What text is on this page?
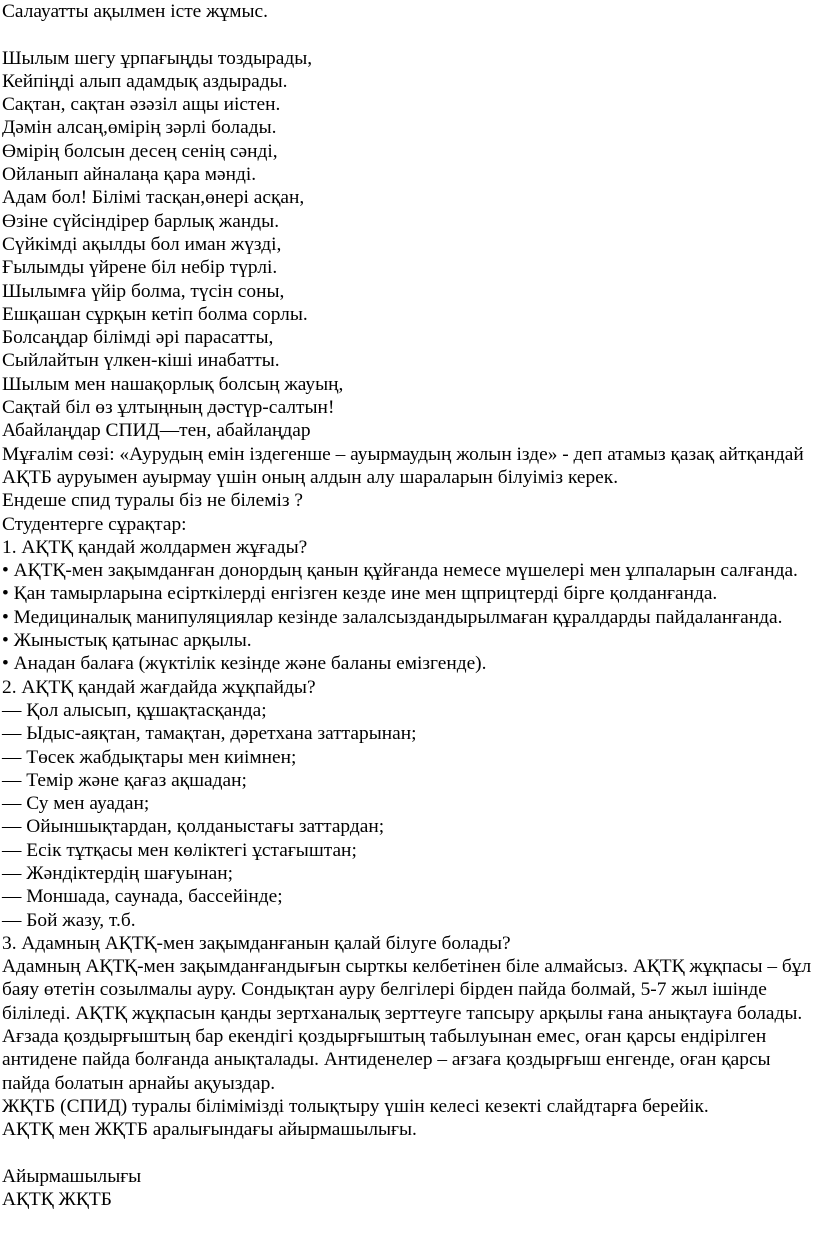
Салауатты ақылмен істе жұмыс.

Шылым шегу ұрпағыңды тоздырады,

Кейпіңді алып адамдық аздырады.

Сақтан, сақтан әзәзіл ащы иістен.

Дәмін алсаң,өмірің зәрлі болады.

Өмірің болсын десең сенің сәнді,

Ойланып айналаңа қара мәнді.

Адам бол! Білімі тасқан,өнері асқан,

Өзіне сүйсіндірер барлық жанды.

Сүйкімді ақылды бол иман жүзді,

Ғылымды үйрене біл небір түрлі.

Шылымға үйір болма, түсін соны,

Ешқашан сұрқын кетіп болма сорлы.

Болсаңдар білімді әрі парасатты,

Сыйлайтын үлкен-кіші инабатты.

Шылым мен нашақорлық болсың жауың,

Сақтай біл өз ұлтыңның дәстүр-салтын!

Абайлаңдар СПИД—тен, абайлаңдар

Мұғалім сөзі: «Аурудың емін іздегенше – ауырмаудың жолын ізде» - деп атамыз қазақ айтқандай АҚТБ ауруымен ауырмау үшін оның алдын алу шараларын білуіміз керек.

Ендеше спид туралы біз не білеміз ?

Студентерге сұрақтар:

1. АҚТҚ қандай жолдармен жұғады?

• АҚТҚ-мен зақымданған донордың қанын құйғанда немесе мүшелері мен ұлпаларын салғанда.

• Қан тамырларына есірткілерді енгізген кезде ине мен щприцтерді бірге қолданғанда.

• Медициналық манипуляциялар кезінде залалсыздандырылмаған құралдарды пайдаланғанда.

• Жыныстық қатынас арқылы.

• Анадан балаға (жүктілік кезінде және баланы емізгенде).

2. АҚТҚ қандай жағдайда жұқпайды?

— Қол алысып, құшақтасқанда;

— Ыдыс-аяқтан, тамақтан, дәретхана заттарынан;

— Төсек жабдықтары мен киімнен;

— Темір және қағаз ақшадан;

— Су мен ауадан;

— Ойыншықтардан, қолданыстағы заттардан;

— Есік тұтқасы мен көліктегі ұстағыштан;

— Жәндіктердің шағуынан;

— Моншада, саунада, бассейінде;

— Бой жазу, т.б.

3. Адамның АҚТҚ-мен зақымданғанын қалай білуге болады?

Адамның АҚТҚ-мен зақымданғандығын сырткы келбетінен біле алмайсыз. АҚТҚ жұқпасы – бұл баяу өтетін созылмалы ауру. Сондықтан ауру белгілері бірден пайда болмай, 5-7 жыл ішінде біліледі. АҚТҚ жұқпасын қанды зертханалық зерттеуге тапсыру арқылы ғана анықтауға болады. Ағзада қоздырғыштың бар екендігі қоздырғыштың табылуынан емес, оған қарсы ендірілген антидене пайда болғанда анықталады. Антиденелер – ағзаға қоздырғыш енгенде, оған қарсы пайда болатын арнайы ақуыздар.

ЖҚТБ (СПИД) туралы білімімізді толықтыру үшін келесі кезекті слайдтарға берейік.

АҚТҚ мен ЖҚТБ аралығындағы айырмашылығы.

Айырмашылығы

АҚТҚ ЖҚТБ
